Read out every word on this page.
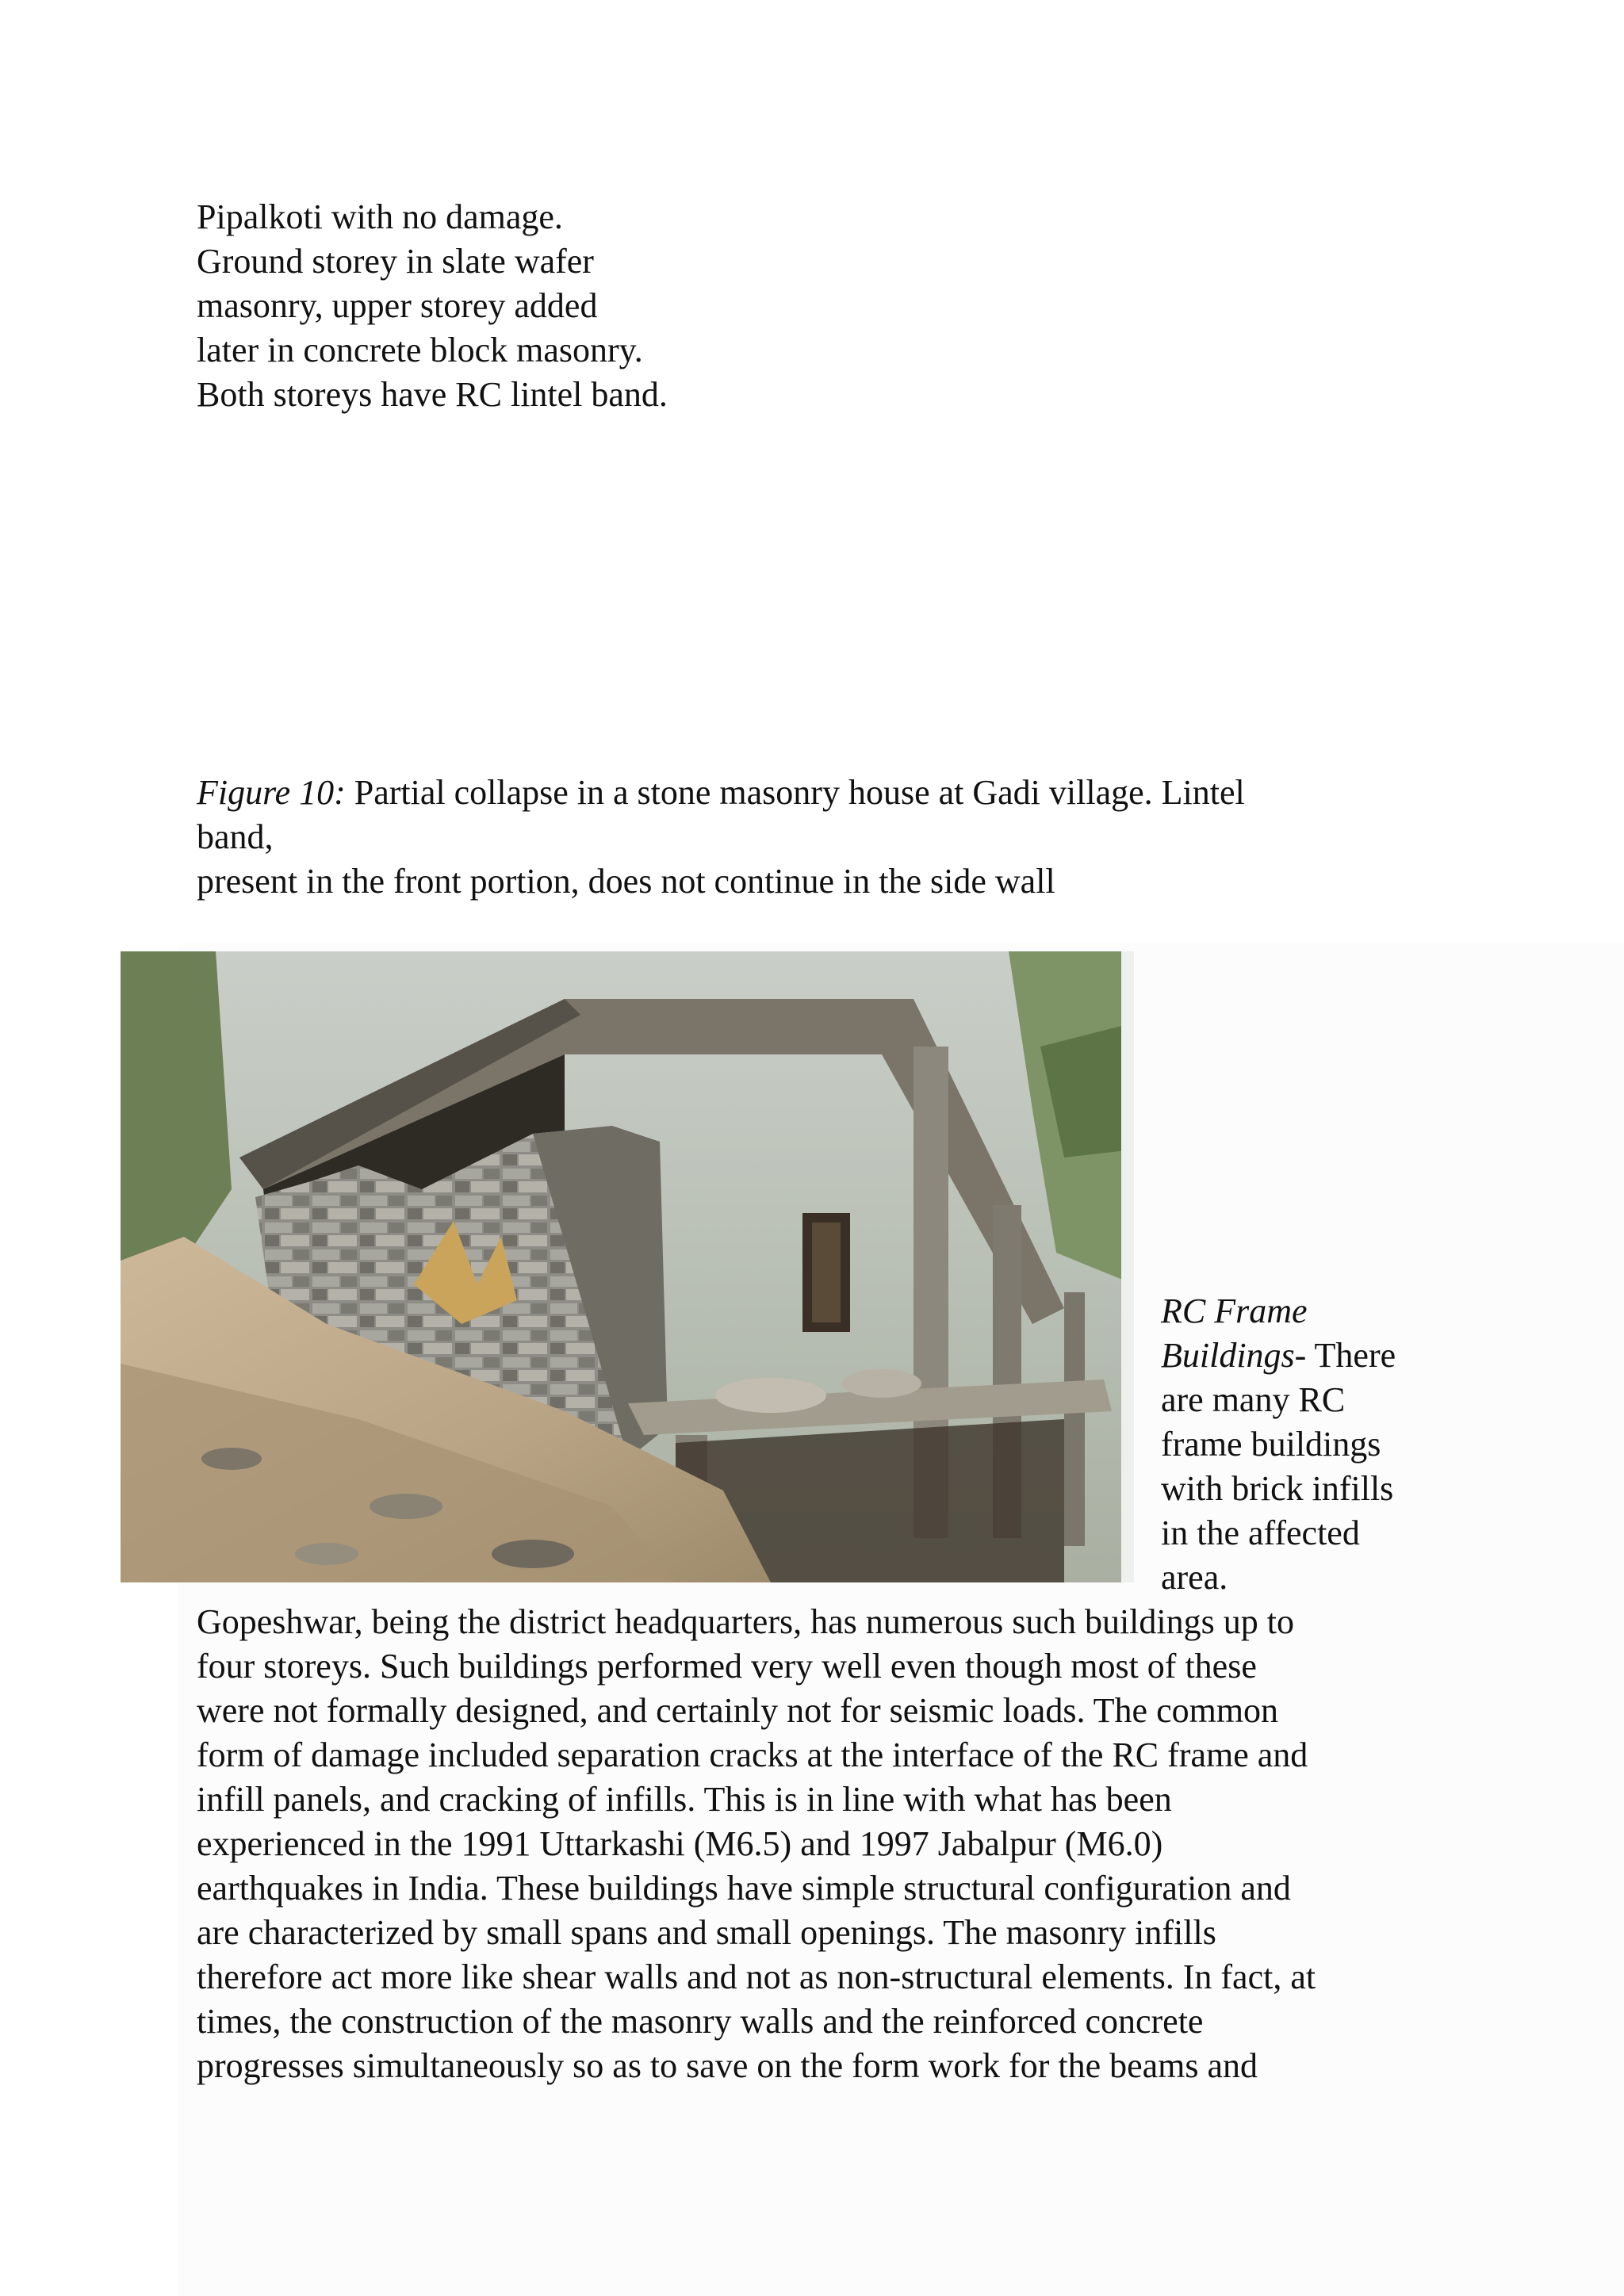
Pipalkoti with no damage.
Ground storey in slate wafer
masonry, upper storey added
later in concrete block masonry.
Both storeys have RC lintel band.

Figure 10: Partial collapse in a stone masonry house at Gadi village. Lintel

band,

present in the front portion, does not continue in the side wall

RC Frame
Buildings- There
are many RC
frame buildings
with brick infills
in the affected
area.

Gopeshwar, being the district headquarters, has numerous such buildings up to

four storeys. Such buildings performed very well even though most of these

were not formally designed, and certainly not for seismic loads. The common

form of damage included separation cracks at the interface of the RC frame and

infill panels, and cracking of infills. This is in line with what has been

experienced in the 1991 Uttarkashi (M6.5) and 1997 Jabalpur (M6.0)

earthquakes in India. These buildings have simple structural configuration and

are characterized by small spans and small openings. The masonry infills

therefore act more like shear walls and not as non-structural elements. In fact, at

times, the construction of the masonry walls and the reinforced concrete

progresses simultaneously so as to save on the form work for the beams and
